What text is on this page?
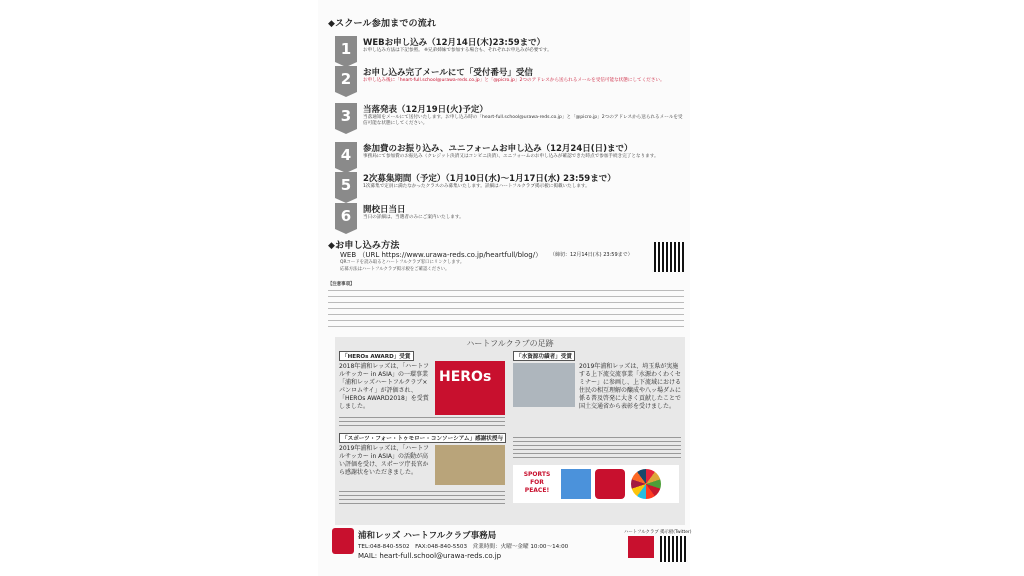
◆スクール参加までの流れ
1	WEBお申し込み（12月14日(木)23:59まで）
お申し込み方法は下記参照。 ※兄弟姉妹で参加する場合も、それぞれお申込みが必要です。
2	お申し込み完了メールにて「受付番号」受信
お申し込み後に「heart-full.school@urawa-reds.co.jp」と「@picro.jp」2つのアドレスから送られるメールを受信可能な状態にしてください。
3	当落発表（12月19日(火)予定）
当落通知をメールにて送付いたします。お申し込み時の「heart-full.school@urawa-reds.co.jp」と「@picro.jp」2つのアドレスから送られるメールを受信可能な状態にしてください。
4	参加費のお振り込み、ユニフォームお申し込み（12月24日(日)まで）
事務局にて参加費のお振込み（クレジット決済又はコンビニ決済）、ユニフォームのお申し込みが確認できた時点で参加手続き完了となります。
5	2次募集期間（予定）（1月10日(水)〜1月17日(水) 23:59まで）
1次募集で定員に満たなかったクラスのみ募集いたします。詳細はハートフルクラブ掲示板に掲載いたします。
6	開校日当日
当日の詳細は、当選者のみにご案内いたします。
◆お申し込み方法
WEB （URL https://www.urawa-reds.co.jp/heartfull/blog/） （締切：12月14日(木) 23:59まで）
QRコードを読み取るとハートフルクラブ窓口にリンクします。
応募方法はハートフルクラブ掲示板をご確認ください。
【注意事項】
ハートフルクラブの足跡
「HEROs AWARD」受賞
2018年浦和レッズは、「ハートフルサッカー in ASIA」の一環事業「浦和レッズハートフルクラブ×パンロムサイ」が評価され、「HEROs AWARD2018」を受賞しました。
HEROs
「スポーツ・フォー・トゥモロー・コンソーシアム」感謝状授与
2019年浦和レッズは、「ハートフルサッカー in ASIA」の活動が高い評価を受け、スポーツ庁長官から感謝状をいただきました。
「水資源功績者」受賞
2019年浦和レッズは、埼玉県が実施する上下流交流事業「水源わくわくセミナー」に参画し、上下流域における住民の相互理解の醸成や八ッ場ダムに係る普及啓発に大きく貢献したことで国土交通省から表彰を受けました。
SPORTS FOR PEACE!
浦和レッズ ハートフルクラブ事務局
TEL:048-840-5502　FAX:048-840-5503　営業時間：火曜〜金曜 10:00〜14:00
MAIL: heart-full.school@urawa-reds.co.jp
ハートフルクラブ 掲示板(Twitter)
